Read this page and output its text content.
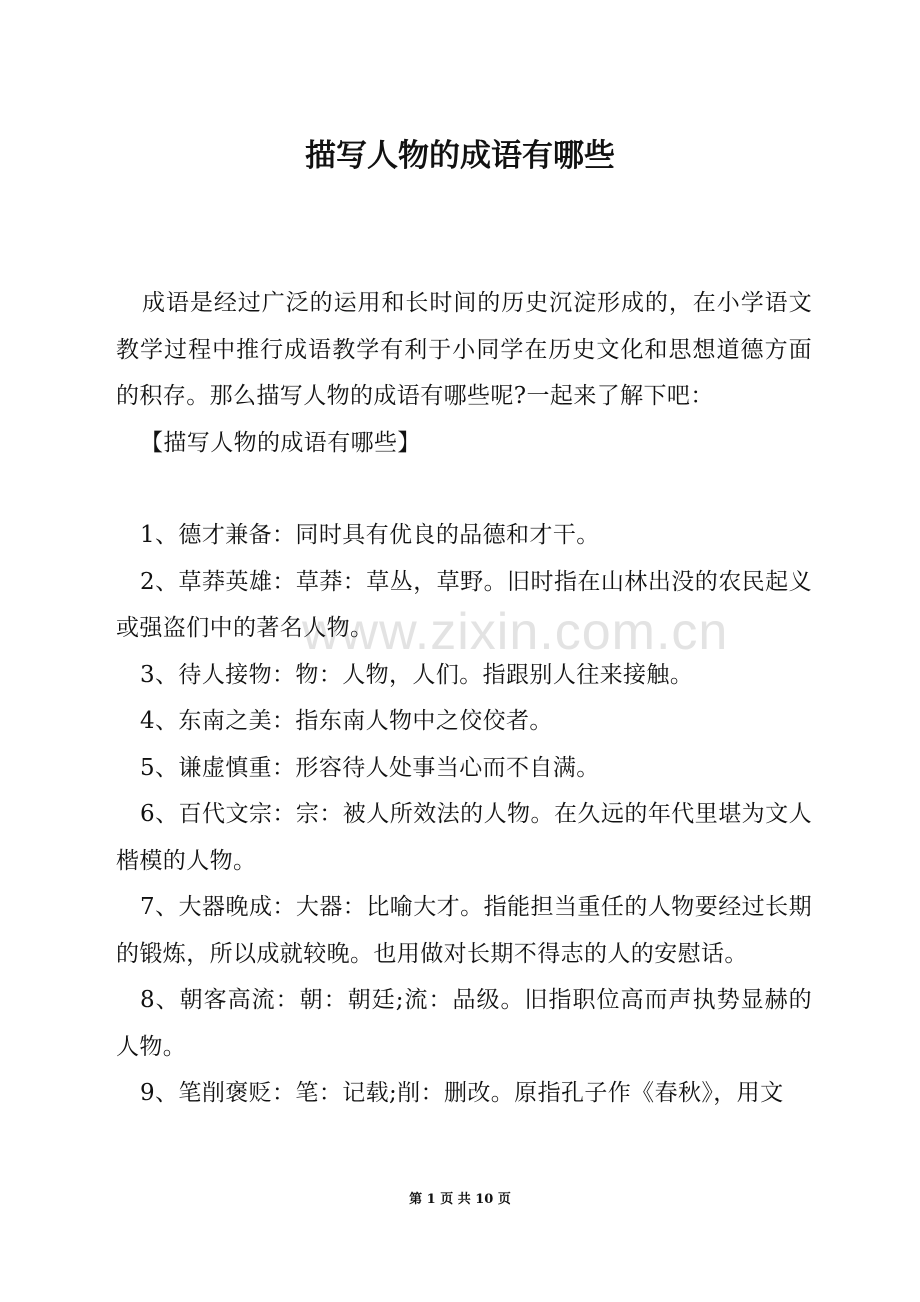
描写人物的成语有哪些
www.zixin.com.cn

成语是经过广泛的运用和长时间的历史沉淀形成的，在小学语文教学过程中推行成语教学有利于小同学在历史文化和思想道德方面的积存。那么描写人物的成语有哪些呢?一起来了解下吧：

【描写人物的成语有哪些】

1、德才兼备：同时具有优良的品德和才干。

2、草莽英雄：草莽：草丛，草野。旧时指在山林出没的农民起义或强盗们中的著名人物。

3、待人接物：物：人物，人们。指跟别人往来接触。

4、东南之美：指东南人物中之佼佼者。

5、谦虚慎重：形容待人处事当心而不自满。

6、百代文宗：宗：被人所效法的人物。在久远的年代里堪为文人楷模的人物。

7、大器晚成：大器：比喻大才。指能担当重任的人物要经过长期的锻炼，所以成就较晚。也用做对长期不得志的人的安慰话。

8、朝客高流：朝：朝廷;流：品级。旧指职位高而声执势显赫的人物。

9、笔削褒贬：笔：记载;削：删改。原指孔子作《春秋》，用文

第 1 页 共 10 页
